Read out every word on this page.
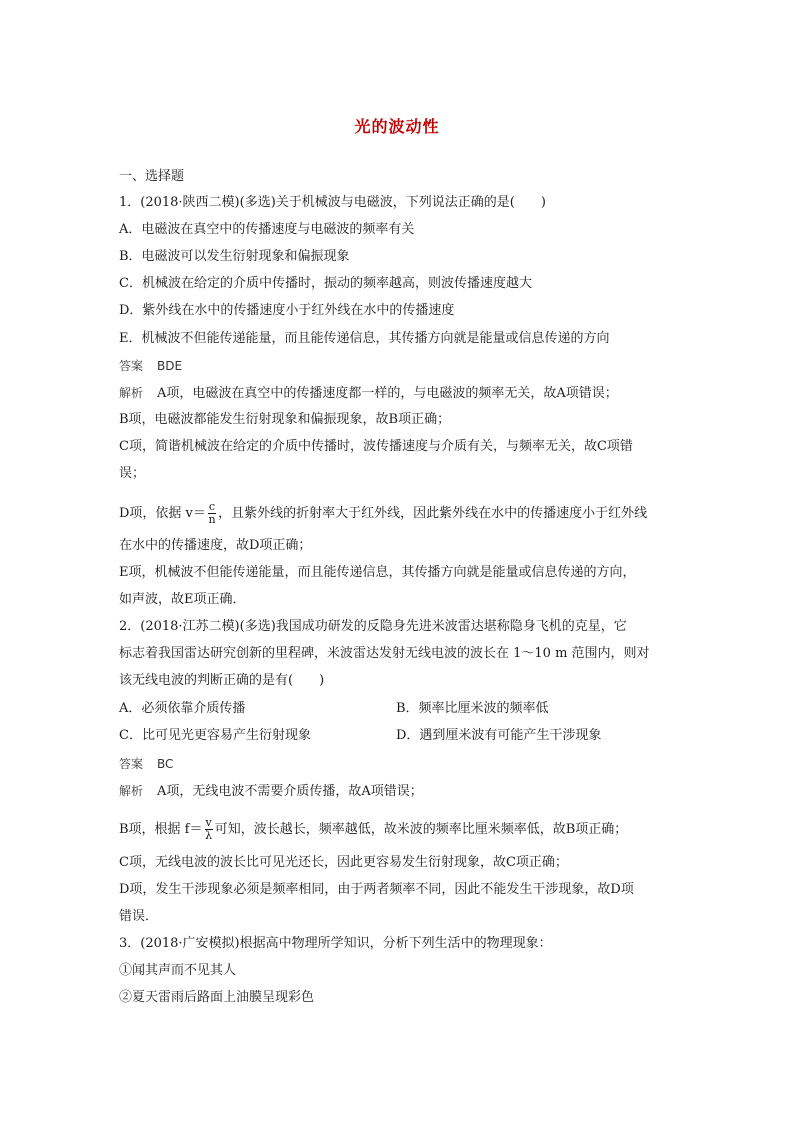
光的波动性
一、选择题
1．(2018·陕西二模)(多选)关于机械波与电磁波，下列说法正确的是(　　)
A．电磁波在真空中的传播速度与电磁波的频率有关
B．电磁波可以发生衍射现象和偏振现象
C．机械波在给定的介质中传播时，振动的频率越高，则波传播速度越大
D．紫外线在水中的传播速度小于红外线在水中的传播速度
E．机械波不但能传递能量，而且能传递信息，其传播方向就是能量或信息传递的方向
答案 BDE
解析 A项，电磁波在真空中的传播速度都一样的，与电磁波的频率无关，故A项错误；
B项，电磁波都能发生衍射现象和偏振现象，故B项正确；
C项，简谐机械波在给定的介质中传播时，波传播速度与介质有关，与频率无关，故C项错
误；
D项，依据 $v= \frac{c}{n}$ ，且紫外线的折射率大于红外线，因此紫外线在水中的传播速度小于红外线
在水中的传播速度，故D项正确；
E项，机械波不但能传递能量，而且能传递信息，其传播方向就是能量或信息传递的方向，
如声波，故E项正确．
2．(2018·江苏二模)(多选)我国成功研发的反隐身先进米波雷达堪称隐身飞机的克星，它
标志着我国雷达研究创新的里程碑，米波雷达发射无线电波的波长在 1～10 m 范围内，则对
该无线电波的判断正确的是有(　　)
A．必须依靠介质传播	B．频率比厘米波的频率低
C．比可见光更容易产生衍射现象	D．遇到厘米波有可能产生干涉现象
答案 BC
解析 A项，无线电波不需要介质传播，故A项错误；
B项，根据 $f= \frac{v}{\lambda}$ 可知，波长越长，频率越低，故米波的频率比厘米频率低，故B项正确；
C项，无线电波的波长比可见光还长，因此更容易发生衍射现象，故C项正确；
D项，发生干涉现象必须是频率相同，由于两者频率不同，因此不能发生干涉现象，故D项
错误．
3．(2018·广安模拟)根据高中物理所学知识，分析下列生活中的物理现象：
①闻其声而不见其人
②夏天雷雨后路面上油膜呈现彩色
